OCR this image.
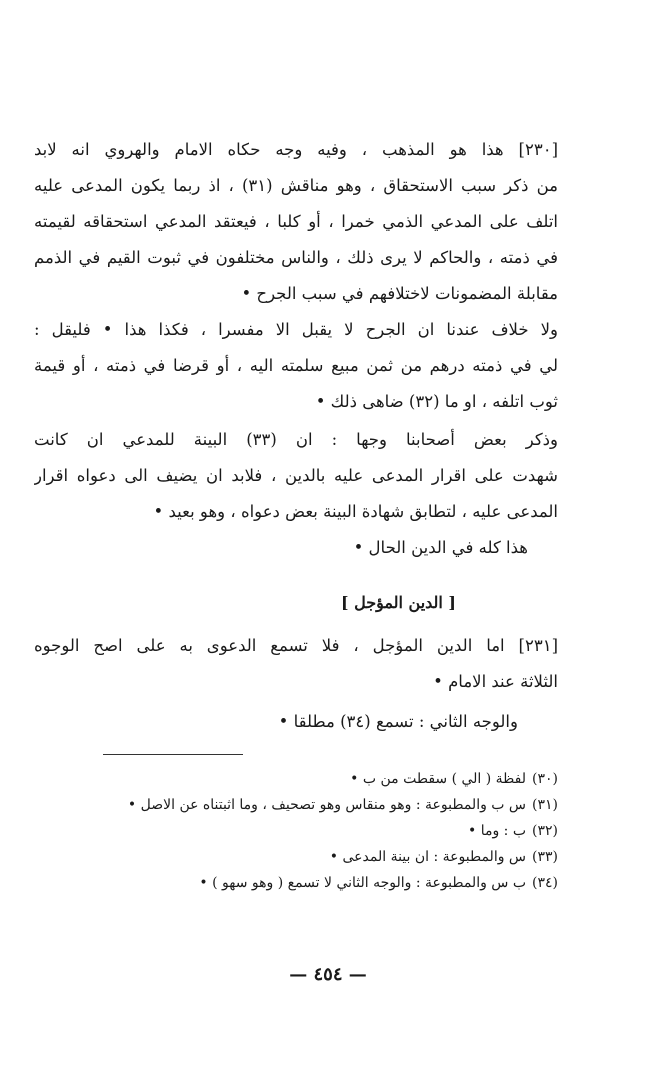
[٢٣٠] هذا هو المذهب ، وفيه وجه حكاه الامام والهروي انه لابد
من ذكر سبب الاستحقاق ، وهو مناقش (٣١) ، اذ ربما يكون المدعى عليه
اتلف على المدعي الذمي خمرا ، أو كلبا ، فيعتقد المدعي استحقاقه لقيمته
في ذمته ، والحاكم لا يرى ذلك ، والناس مختلفون في ثبوت القيم في الذمم
مقابلة المضمونات لاختلافهم في سبب الجرح •
ولا خلاف عندنا ان الجرح لا يقبل الا مفسرا ، فكذا هذا • فليقل :
لي في ذمته درهم من ثمن مبيع سلمته اليه ، أو قرضا في ذمته ، أو قيمة
ثوب اتلفه ، او ما (٣٢) ضاهى ذلك •
وذكر بعض أصحابنا وجها : ان (٣٣) البينة للمدعي ان كانت
شهدت على اقرار المدعى عليه بالدين ، فلابد ان يضيف الى دعواه اقرار
المدعى عليه ، لتطابق شهادة البينة بعض دعواه ، وهو بعيد •
هذا كله في الدين الحال •
[ الدين المؤجل ]
[٢٣١] اما الدين المؤجل ، فلا تسمع الدعوى به على اصح الوجوه
الثلاثة عند الامام •
والوجه الثاني : تسمع (٣٤) مطلقا •
(٣٠)لفظة ( الي ) سقطت من ب •
(٣١)س ب والمطبوعة : وهو منقاس وهو تصحيف ، وما اثبتناه عن الاصل •
(٣٢)ب : وما •
(٣٣)س والمطبوعة : ان بينة المدعى •
(٣٤)ب س والمطبوعة : والوجه الثاني لا تسمع ( وهو سهو ) •
— ٤٥٤ —
